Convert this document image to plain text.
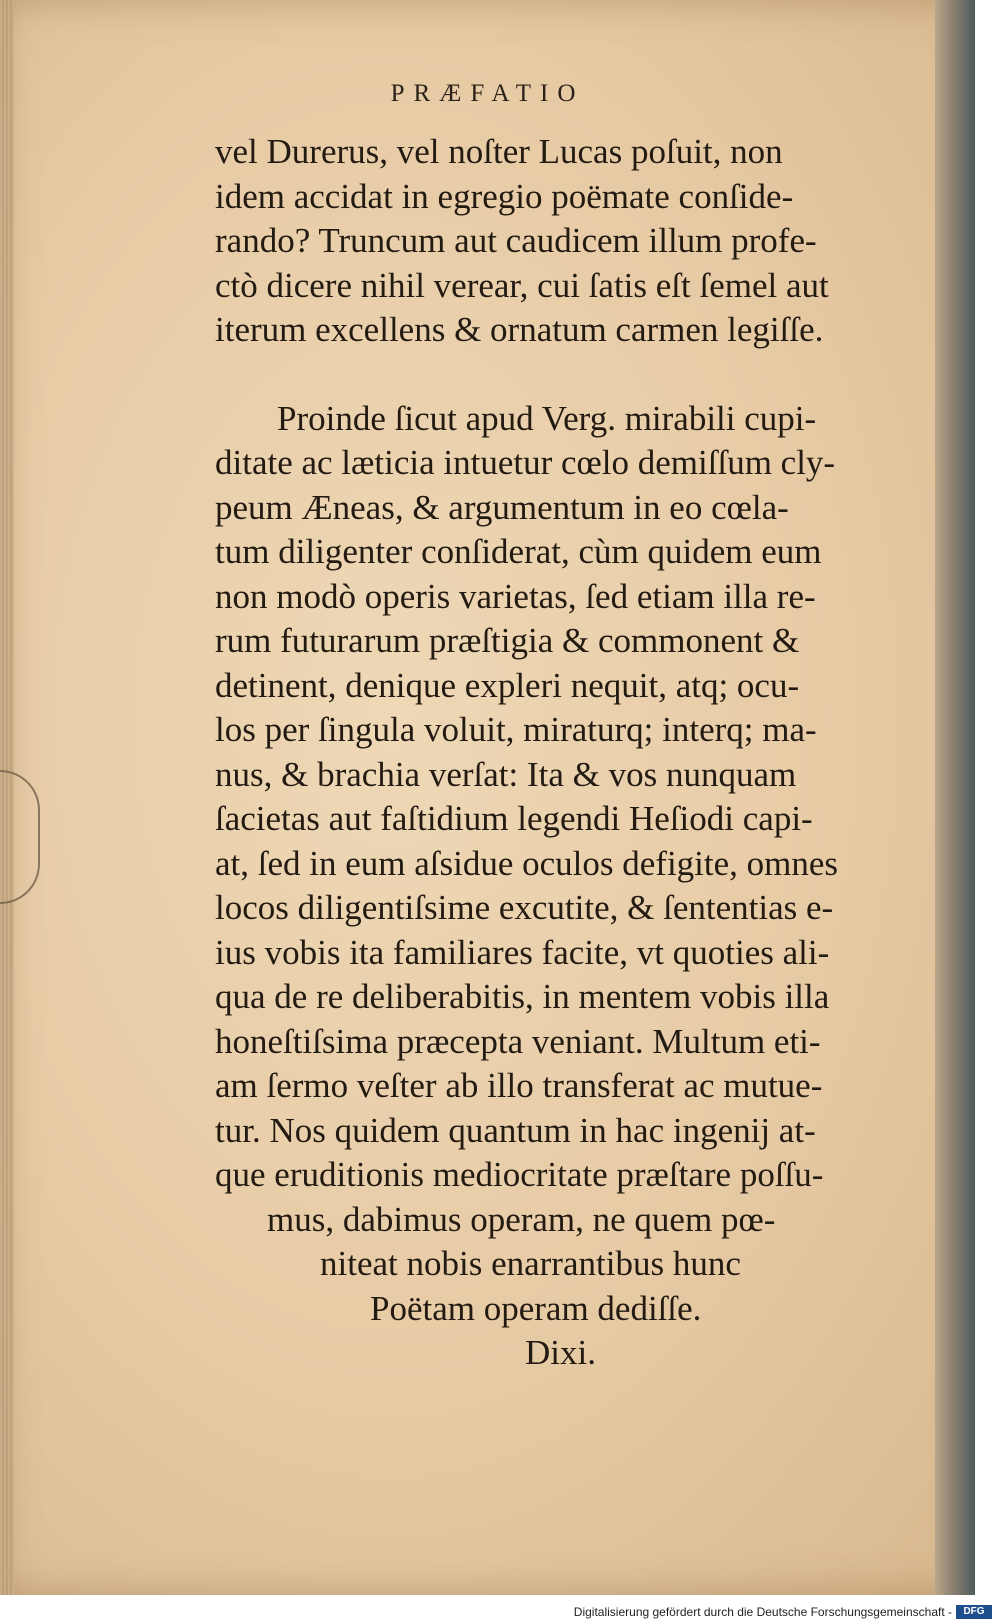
PRÆFATIO
vel Durerus, vel noſter Lucas poſuit, non
idem accidat in egregio poëmate conſide-
rando? Truncum aut caudicem illum profe-
ctò dicere nihil verear, cui ſatis eſt ſemel aut
iterum excellens & ornatum carmen legiſſe.
Proinde ſicut apud Verg. mirabili cupi-
ditate ac læticia intuetur cœlo demiſſum cly-
peum Æneas, & argumentum in eo cœla-
tum diligenter conſiderat, cùm quidem eum
non modò operis varietas, ſed etiam illa re-
rum futurarum præſtigia & commonent &
detinent, denique expleri nequit, atq; ocu-
los per ſingula voluit, miraturq; interq; ma-
nus, & brachia verſat: Ita & vos nunquam
ſacietas aut faſtidium legendi Heſiodi capi-
at, ſed in eum aſsidue oculos defigite, omnes
locos diligentiſsime excutite, & ſententias e-
ius vobis ita familiares facite, vt quoties ali-
qua de re deliberabitis, in mentem vobis illa
honeſtiſsima præcepta veniant. Multum eti-
am ſermo veſter ab illo transferat ac mutue-
tur. Nos quidem quantum in hac ingenij at-
que eruditionis mediocritate præſtare poſſu-
mus, dabimus operam, ne quem pœ-
niteat nobis enarrantibus hunc
Poëtam operam dediſſe.
Dixi.
Digitalisierung gefördert durch die Deutsche Forschungsgemeinschaft -	DFG
